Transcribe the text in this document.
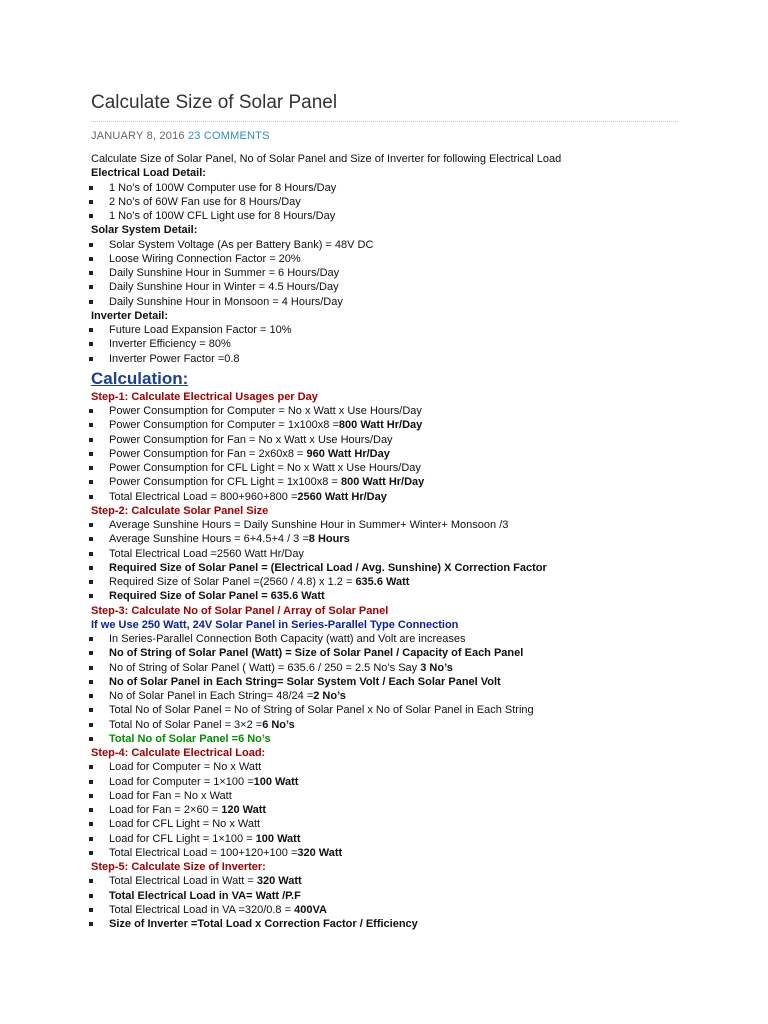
Calculate Size of Solar Panel
JANUARY 8, 2016 23 COMMENTS
Calculate Size of Solar Panel, No of Solar Panel and Size of Inverter for following Electrical Load
Electrical Load Detail:
1 No’s of 100W Computer use for 8 Hours/Day
2 No’s of 60W Fan use for 8 Hours/Day
1 No’s of 100W CFL Light use for 8 Hours/Day
Solar System Detail:
Solar System Voltage (As per Battery Bank) = 48V DC
Loose Wiring Connection Factor = 20%
Daily Sunshine Hour in Summer = 6 Hours/Day
Daily Sunshine Hour in Winter = 4.5 Hours/Day
Daily Sunshine Hour in Monsoon = 4 Hours/Day
Inverter Detail:
Future Load Expansion Factor = 10%
Inverter Efficiency = 80%
Inverter Power Factor =0.8
Calculation:
Step-1: Calculate Electrical Usages per Day
Power Consumption for Computer = No x Watt x Use Hours/Day
Power Consumption for Computer = 1x100x8 =800 Watt Hr/Day
Power Consumption for Fan = No x Watt x Use Hours/Day
Power Consumption for Fan = 2x60x8 = 960 Watt Hr/Day
Power Consumption for CFL Light = No x Watt x Use Hours/Day
Power Consumption for CFL Light = 1x100x8 = 800 Watt Hr/Day
Total Electrical Load = 800+960+800 =2560 Watt Hr/Day
Step-2: Calculate Solar Panel Size
Average Sunshine Hours = Daily Sunshine Hour in Summer+ Winter+ Monsoon /3
Average Sunshine Hours = 6+4.5+4 / 3 =8 Hours
Total Electrical Load =2560 Watt Hr/Day
Required Size of Solar Panel = (Electrical Load / Avg. Sunshine) X Correction Factor
Required Size of Solar Panel =(2560 / 4.8) x 1.2 = 635.6 Watt
Required Size of Solar Panel = 635.6 Watt
Step-3: Calculate No of Solar Panel / Array of Solar Panel
If we Use 250 Watt, 24V Solar Panel in Series-Parallel Type Connection
In Series-Parallel Connection Both Capacity (watt) and Volt are increases
No of String of Solar Panel (Watt) = Size of Solar Panel / Capacity of Each Panel
No of String of Solar Panel ( Watt) = 635.6 / 250 = 2.5 No’s Say 3 No’s
No of Solar Panel in Each String= Solar System Volt / Each Solar Panel Volt
No of Solar Panel in Each String= 48/24 =2 No’s
Total No of Solar Panel = No of String of Solar Panel x No of Solar Panel in Each String
Total No of Solar Panel = 3×2 =6 No’s
Total No of Solar Panel =6 No’s
Step-4: Calculate Electrical Load:
Load for Computer = No x Watt
Load for Computer = 1×100 =100 Watt
Load for Fan = No x Watt
Load for Fan = 2×60 = 120 Watt
Load for CFL Light = No x Watt
Load for CFL Light = 1×100 = 100 Watt
Total Electrical Load = 100+120+100 =320 Watt
Step-5: Calculate Size of Inverter:
Total Electrical Load in Watt = 320 Watt
Total Electrical Load in VA= Watt /P.F
Total Electrical Load in VA =320/0.8 = 400VA
Size of Inverter =Total Load x Correction Factor / Efficiency
